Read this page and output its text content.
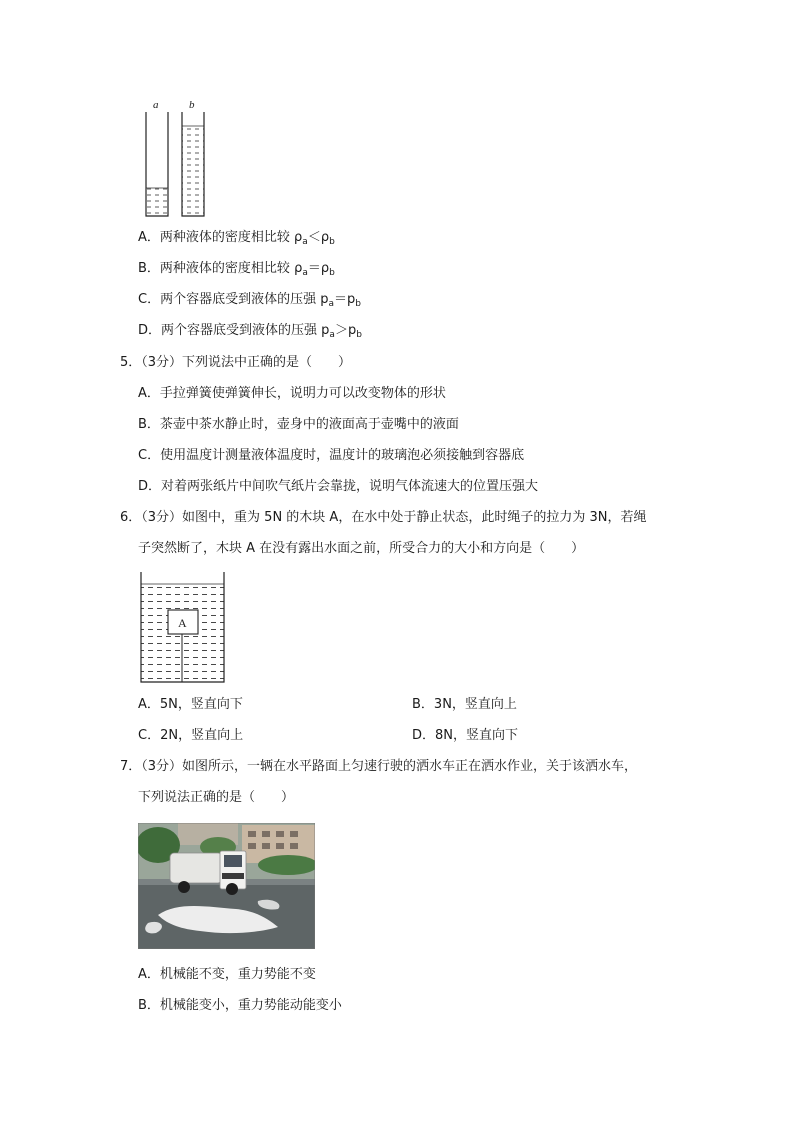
a	b
A．两种液体的密度相比较 $\rho_a<\rho_b$
B．两种液体的密度相比较 $\rho_a=\rho_b$
C．两个容器底受到液体的压强 $p_a=p_b$
D．两个容器底受到液体的压强 $p_a>p_b$
5．（3分）下列说法中正确的是（　　）
A．手拉弹簧使弹簧伸长，说明力可以改变物体的形状
B．茶壶中茶水静止时，壶身中的液面高于壶嘴中的液面
C．使用温度计测量液体温度时，温度计的玻璃泡必须接触到容器底
D．对着两张纸片中间吹气纸片会靠拢，说明气体流速大的位置压强大
6．（3分）如图中，重为 5N 的木块 A，在水中处于静止状态，此时绳子的拉力为 3N，若绳
子突然断了，木块 A 在没有露出水面之前，所受合力的大小和方向是（　　）
A
A．5N，竖直向下	B．3N，竖直向上
C．2N，竖直向上	D．8N，竖直向下
7．（3分）如图所示，一辆在水平路面上匀速行驶的洒水车正在洒水作业，关于该洒水车，
下列说法正确的是（　　）
A．机械能不变，重力势能不变
B．机械能变小，重力势能动能变小
